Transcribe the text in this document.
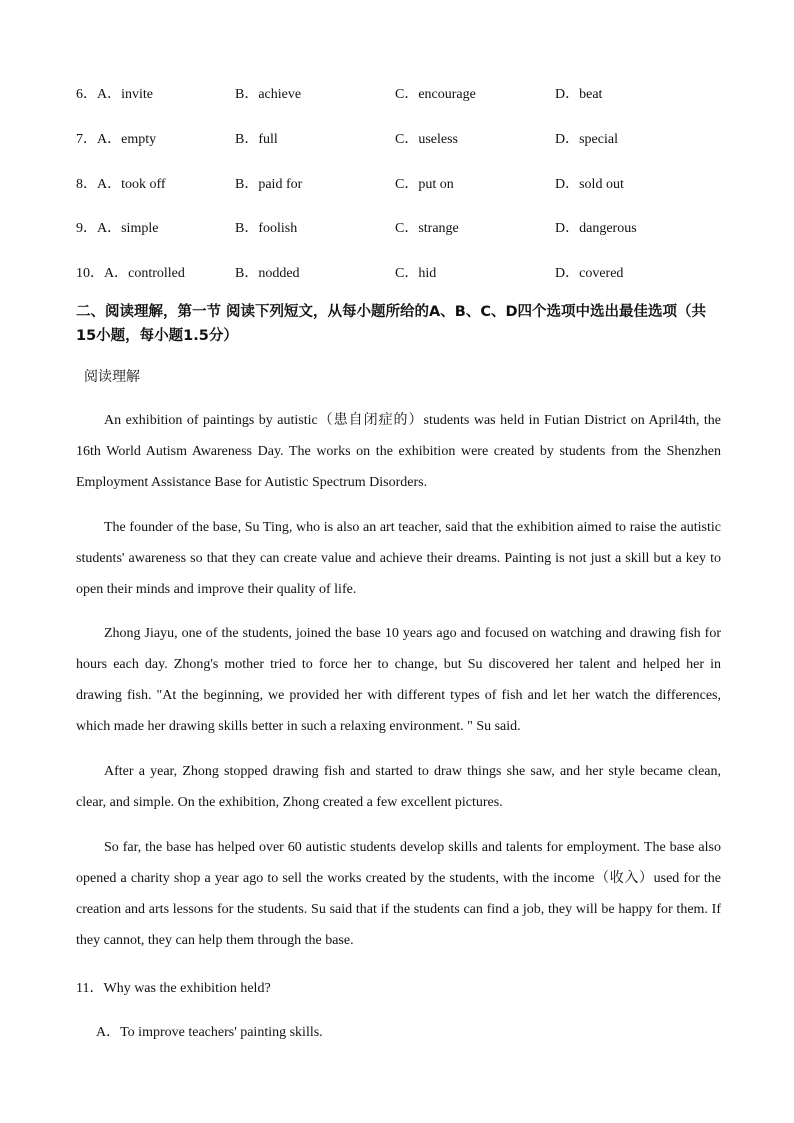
6．A．invite	B．achieve	C．encourage	D．beat
7．A．empty	B．full	C．useless	D．special
8．A．took off	B．paid for	C．put on	D．sold out
9．A．simple	B．foolish	C．strange	D．dangerous
10．A．controlled	B．nodded	C．hid	D．covered
二、阅读理解，第一节 阅读下列短文，从每小题所给的A、B、C、D四个选项中选出最佳选项（共15小题，每小题1.5分）
阅读理解

An exhibition of paintings by autistic（患自闭症的）students was held in Futian District on April4th, the 16th World Autism Awareness Day. The works on the exhibition were created by students from the Shenzhen Employment Assistance Base for Autistic Spectrum Disorders.

The founder of the base, Su Ting, who is also an art teacher, said that the exhibition aimed to raise the autistic students' awareness so that they can create value and achieve their dreams. Painting is not just a skill but a key to open their minds and improve their quality of life.

Zhong Jiayu, one of the students, joined the base 10 years ago and focused on watching and drawing fish for hours each day. Zhong's mother tried to force her to change, but Su discovered her talent and helped her in drawing fish. "At the beginning, we provided her with different types of fish and let her watch the differences, which made her drawing skills better in such a relaxing environment. " Su said.

After a year, Zhong stopped drawing fish and started to draw things she saw, and her style became clean, clear, and simple. On the exhibition, Zhong created a few excellent pictures.

So far, the base has helped over 60 autistic students develop skills and talents for employment. The base also opened a charity shop a year ago to sell the works created by the students, with the income（收入）used for the creation and arts lessons for the students. Su said that if the students can find a job, they will be happy for them. If they cannot, they can help them through the base.

11．Why was the exhibition held?
A．To improve teachers' painting skills.
